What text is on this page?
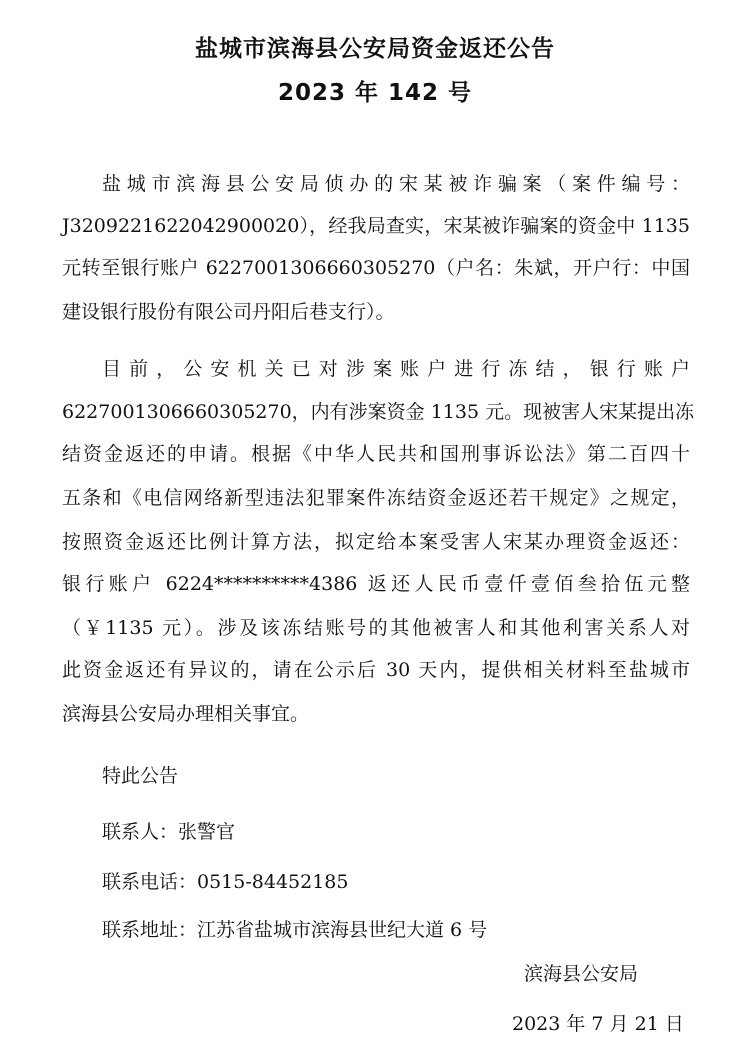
盐城市滨海县公安局资金返还公告
2023 年 142 号
盐城市滨海县公安局侦办的宋某被诈骗案（案件编号：
J3209221622042900020），经我局查实，宋某被诈骗案的资金中 1135
元转至银行账户 6227001306660305270（户名：朱斌，开户行：中国
建设银行股份有限公司丹阳后巷支行）。
目前，公安机关已对涉案账户进行冻结，银行账户
6227001306660305270，内有涉案资金 1135 元。现被害人宋某提出冻
结资金返还的申请。根据《中华人民共和国刑事诉讼法》第二百四十
五条和《电信网络新型违法犯罪案件冻结资金返还若干规定》之规定，
按照资金返还比例计算方法，拟定给本案受害人宋某办理资金返还：
银行账户 6224**********4386 返还人民币壹仟壹佰叁拾伍元整
（￥1135 元）。涉及该冻结账号的其他被害人和其他利害关系人对
此资金返还有异议的，请在公示后 30 天内，提供相关材料至盐城市
滨海县公安局办理相关事宜。
特此公告
联系人：张警官
联系电话：0515-84452185
联系地址：江苏省盐城市滨海县世纪大道 6 号
滨海县公安局
2023 年 7 月 21 日
